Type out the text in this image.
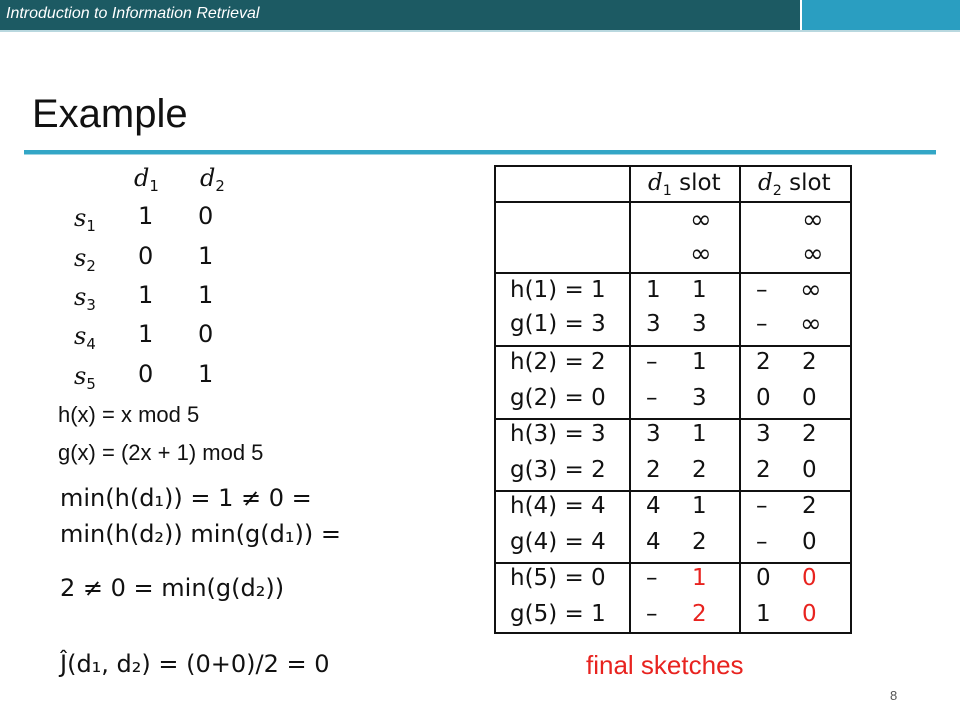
Introduction to Information Retrieval
Example
$d_1$ $d_2$
$s_1$ 1 0
$s_2$ 0 1
$s_3$ 1 1
$s_4$ 1 0
$s_5$ 0 1
h(x) = x mod 5
g(x) = (2x + 1) mod 5
min(h(d₁)) = 1 ≠ 0 =
min(h(d₂)) min(g(d₁)) =
2 ≠ 0 = min(g(d₂))
Ĵ(d₁, d₂) = (0+0)/2 = 0
$d_1$ slot $d_2$ slot
∞	∞
∞	∞
h(1) = 1 1 1 – ∞
g(1) = 3 3 3 – ∞
h(2) = 2 – 1 2 2
g(2) = 0 – 3 0 0
h(3) = 3 3 1 3 2
g(3) = 2 2 2 2 0
h(4) = 4 4 1 – 2
g(4) = 4 4 2 – 0
h(5) = 0 – 1 0 0
g(5) = 1 – 2 1 0
final sketches
8
